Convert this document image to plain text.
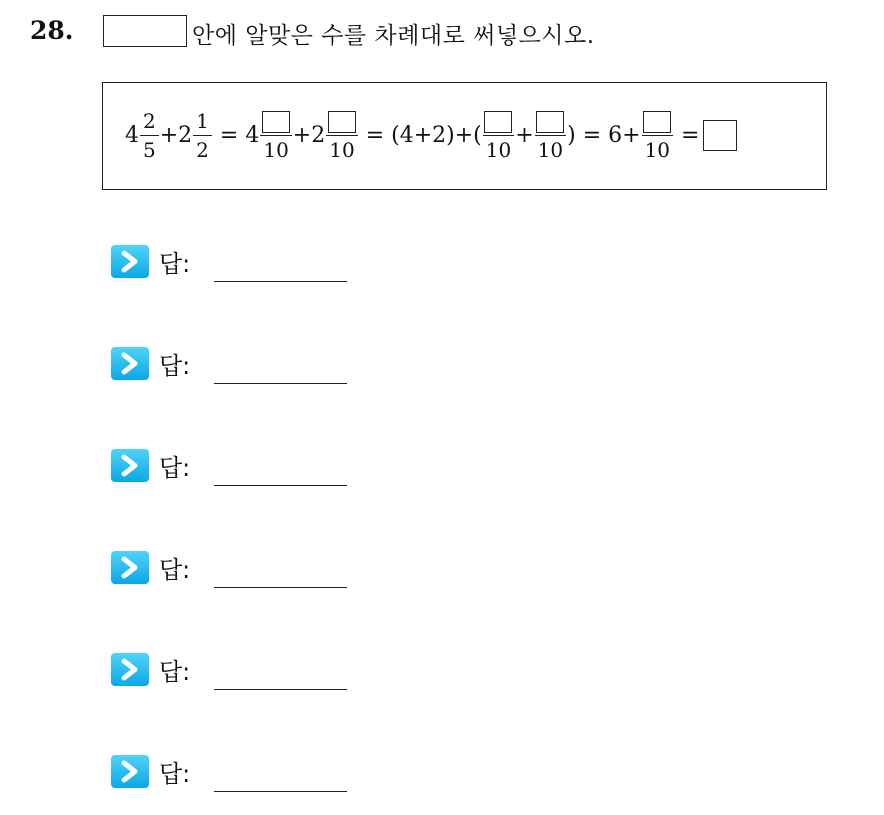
28.	안에 알맞은 수를 차례대로 써넣으시오.
$4 \frac{2}{5} + 2 \frac{1}{2} = 4$
10
+ 2
10
= (4+2)+(
10
+
10
) = 6 +
10
=
답:
답:
답:
답:
답:
답:
